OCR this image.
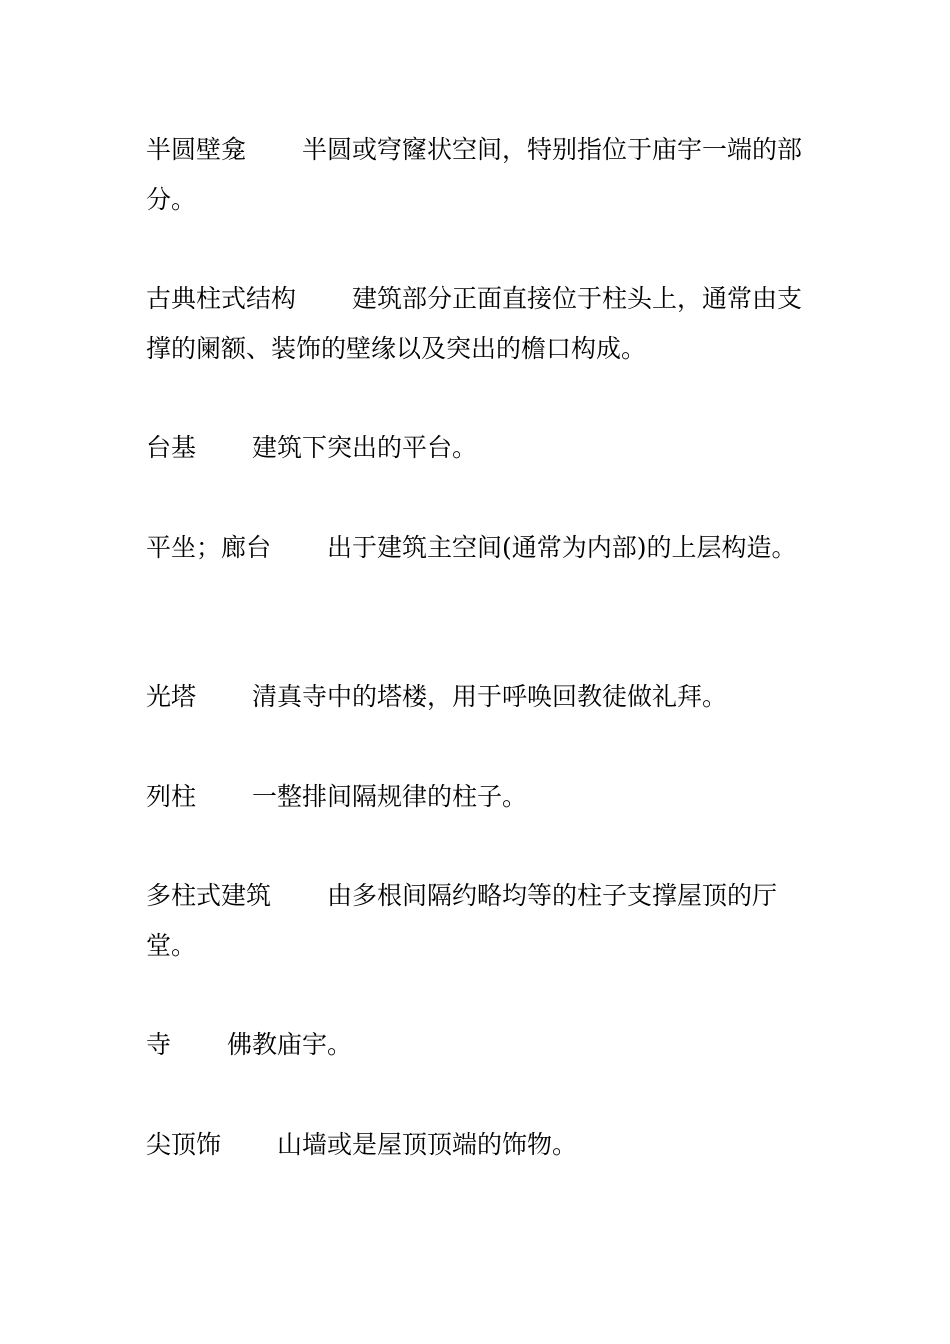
半圆壁龛 半圆或穹窿状空间，特别指位于庙宇一端的部分。
古典柱式结构 建筑部分正面直接位于柱头上，通常由支撑的阑额、装饰的壁缘以及突出的檐口构成。
台基 建筑下突出的平台。
平坐；廊台 出于建筑主空间(通常为内部)的上层构造。
光塔 清真寺中的塔楼，用于呼唤回教徒做礼拜。
列柱 一整排间隔规律的柱子。
多柱式建筑 由多根间隔约略均等的柱子支撑屋顶的厅堂。
寺 佛教庙宇。
尖顶饰 山墙或是屋顶顶端的饰物。
